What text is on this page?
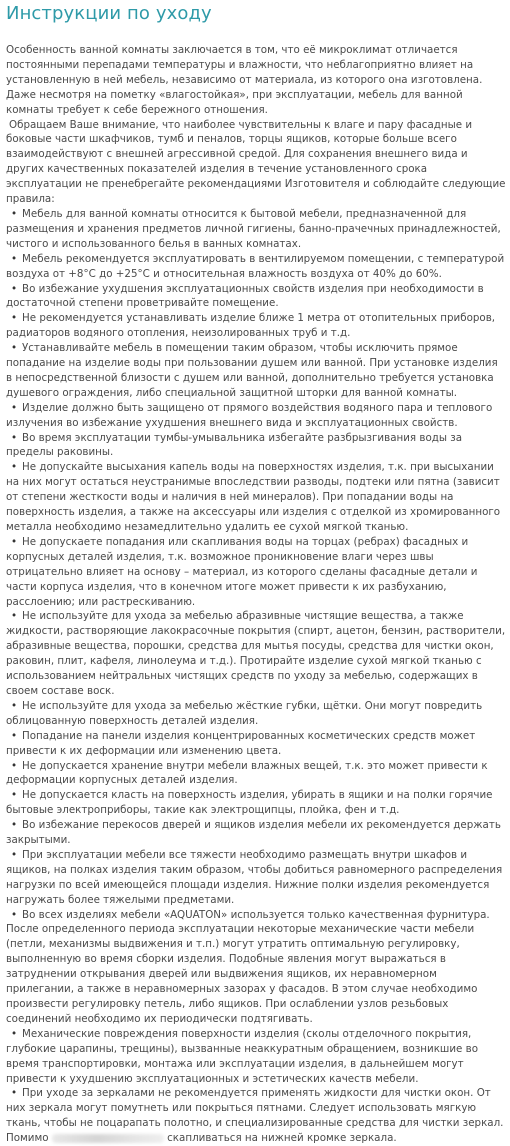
Инструкции по уходу

Особенность ванной комнаты заключается в том, что её микроклимат отличается постоянными перепадами температуры и влажности, что неблагоприятно влияет на установленную в ней мебель, независимо от материала, из которого она изготовлена. Даже несмотря на пометку «влагостойкая», при эксплуатации, мебель для ванной комнаты требует к себе бережного отношения.

Обращаем Ваше внимание, что наиболее чувствительны к влаге и пару фасадные и боковые части шкафчиков, тумб и пеналов, торцы ящиков, которые больше всего взаимодействуют с внешней агрессивной средой. Для сохранения внешнего вида и других качественных показателей изделия в течение установленного срока эксплуатации не пренебрегайте рекомендациями Изготовителя и соблюдайте следующие правила:

• Мебель для ванной комнаты относится к бытовой мебели, предназначенной для размещения и хранения предметов личной гигиены, банно-прачечных принадлежностей, чистого и использованного белья в ванных комнатах.
• Мебель рекомендуется эксплуатировать в вентилируемом помещении, с температурой воздуха от +8°С до +25°С и относительная влажность воздуха от 40% до 60%.
• Во избежание ухудшения эксплуатационных свойств изделия при необходимости в достаточной степени проветривайте помещение.
• Не рекомендуется устанавливать изделие ближе 1 метра от отопительных приборов, радиаторов водяного отопления, неизолированных труб и т.д.
• Устанавливайте мебель в помещении таким образом, чтобы исключить прямое попадание на изделие воды при пользовании душем или ванной. При установке изделия в непосредственной близости с душем или ванной, дополнительно требуется установка душевого ограждения, либо специальной защитной шторки для ванной комнаты.
• Изделие должно быть защищено от прямого воздействия водяного пара и теплового излучения во избежание ухудшения внешнего вида и эксплуатационных свойств.
• Во время эксплуатации тумбы-умывальника избегайте разбрызгивания воды за пределы раковины.
• Не допускайте высыхания капель воды на поверхностях изделия, т.к. при высыхании на них могут остаться неустранимые впоследствии разводы, подтеки или пятна (зависит от степени жесткости воды и наличия в ней минералов). При попадании воды на поверхность изделия, а также на аксессуары или изделия с отделкой из хромированного металла необходимо незамедлительно удалить ее сухой мягкой тканью.
• Не допускаете попадания или скапливания воды на торцах (ребрах) фасадных и корпусных деталей изделия, т.к. возможное проникновение влаги через швы отрицательно влияет на основу – материал, из которого сделаны фасадные детали и части корпуса изделия, что в конечном итоге может привести к их разбуханию, расслоению; или растрескиванию.
• Не используйте для ухода за мебелью абразивные чистящие вещества, а также жидкости, растворяющие лакокрасочные покрытия (спирт, ацетон, бензин, растворители, абразивные вещества, порошки, средства для мытья посуды, средства для чистки окон, раковин, плит, кафеля, линолеума и т.д.). Протирайте изделие сухой мягкой тканью с использованием нейтральных чистящих средств по уходу за мебелью, содержащих в своем составе воск.
• Не используйте для ухода за мебелью жёсткие губки, щётки. Они могут повредить облицованную поверхность деталей изделия.
• Попадание на панели изделия концентрированных косметических средств может привести к их деформации или изменению цвета.
• Не допускается хранение внутри мебели влажных вещей, т.к. это может привести к деформации корпусных деталей изделия.
• Не допускается класть на поверхность изделия, убирать в ящики и на полки горячие бытовые электроприборы, такие как электрощипцы, плойка, фен и т.д.
• Во избежание перекосов дверей и ящиков изделия мебели их рекомендуется держать закрытыми.
• При эксплуатации мебели все тяжести необходимо размещать внутри шкафов и ящиков, на полках изделия таким образом, чтобы добиться равномерного распределения нагрузки по всей имеющейся площади изделия. Нижние полки изделия рекомендуется нагружать более тяжелыми предметами.
• Во всех изделиях мебели «AQUATON» используется только качественная фурнитура. После определенного периода эксплуатации некоторые механические части мебели (петли, механизмы выдвижения и т.п.) могут утратить оптимальную регулировку, выполненную во время сборки изделия. Подобные явления могут выражаться в затруднении открывания дверей или выдвижения ящиков, их неравномерном прилегании, а также в неравномерных зазорах у фасадов. В этом случае необходимо произвести регулировку петель, либо ящиков. При ослаблении узлов резьбовых соединений необходимо их периодически подтягивать.
• Механические повреждения поверхности изделия (сколы отделочного покрытия, глубокие царапины, трещины), вызванные неаккуратным обращением, возникшие во время транспортировки, монтажа или эксплуатации изделия, в дальнейшем могут привести к ухудшению эксплуатационных и эстетических качеств мебели.
• При уходе за зеркалами не рекомендуется применять жидкости для чистки окон. От них зеркала могут помутнеть или покрыться пятнами. Следует использовать мягкую ткань, чтобы не поцарапать полотно, и специализированные средства для чистки зеркал. Помимо	скапливаться на нижней кромке зеркала.
